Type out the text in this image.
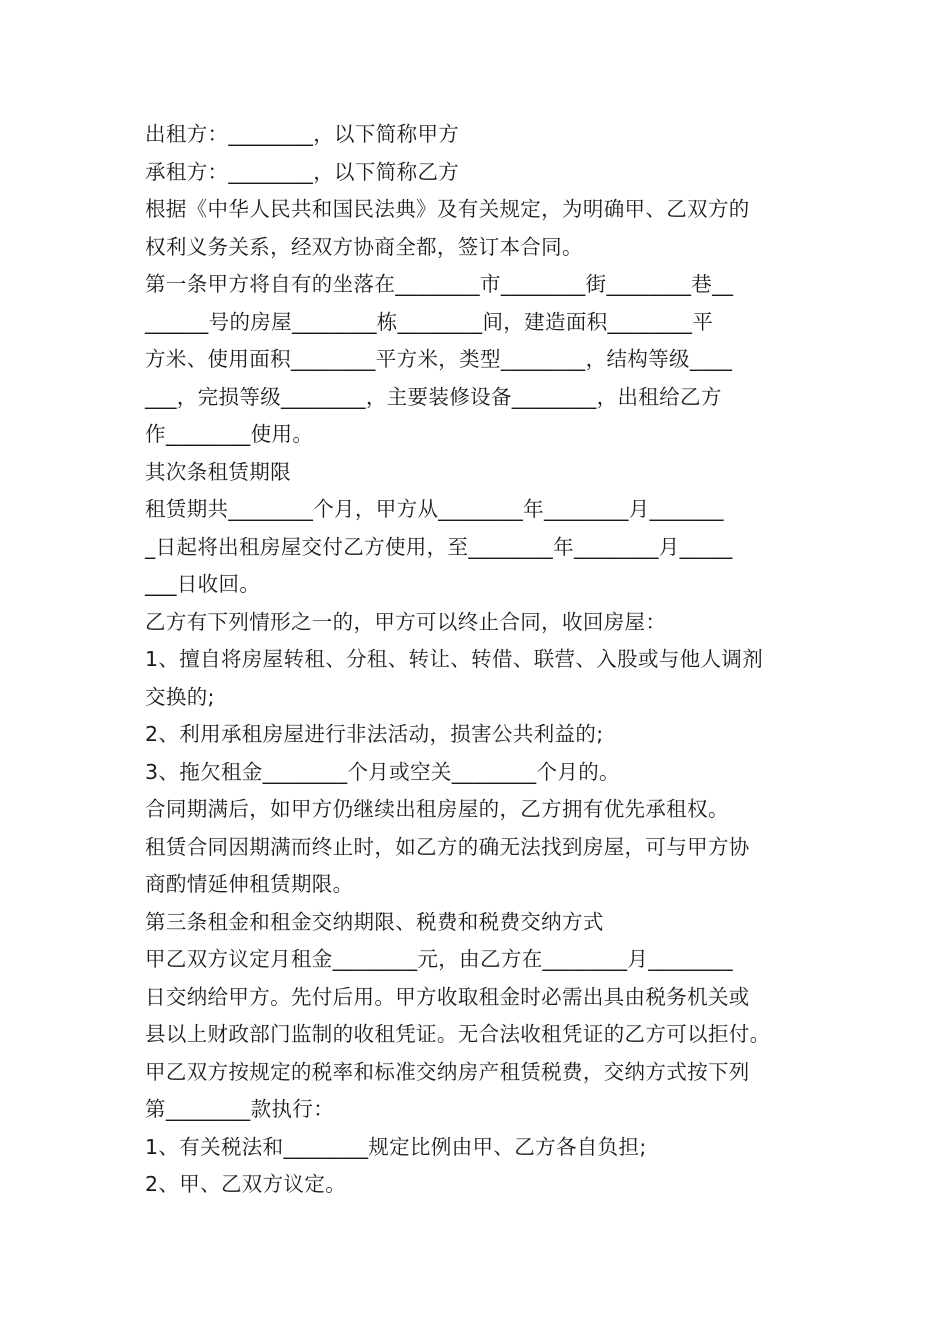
出租方：________，以下简称甲方

承租方：________，以下简称乙方

根据《中华人民共和国民法典》及有关规定，为明确甲、乙双方的

权利义务关系，经双方协商全都，签订本合同。

第一条甲方将自有的坐落在________市________街________巷__

______号的房屋________栋________间，建造面积________平

方米、使用面积________平方米，类型________，结构等级____

___，完损等级________，主要装修设备________，出租给乙方

作________使用。

其次条租赁期限

租赁期共________个月，甲方从________年________月_______

_日起将出租房屋交付乙方使用，至________年________月_____

___日收回。

乙方有下列情形之一的，甲方可以终止合同，收回房屋：

1、擅自将房屋转租、分租、转让、转借、联营、入股或与他人调剂

交换的;

2、利用承租房屋进行非法活动，损害公共利益的;

3、拖欠租金________个月或空关________个月的。

合同期满后，如甲方仍继续出租房屋的，乙方拥有优先承租权。

租赁合同因期满而终止时，如乙方的确无法找到房屋，可与甲方协

商酌情延伸租赁期限。

第三条租金和租金交纳期限、税费和税费交纳方式

甲乙双方议定月租金________元，由乙方在________月________

日交纳给甲方。先付后用。甲方收取租金时必需出具由税务机关或

县以上财政部门监制的收租凭证。无合法收租凭证的乙方可以拒付。

甲乙双方按规定的税率和标准交纳房产租赁税费，交纳方式按下列

第________款执行：

1、有关税法和________规定比例由甲、乙方各自负担;

2、甲、乙双方议定。
